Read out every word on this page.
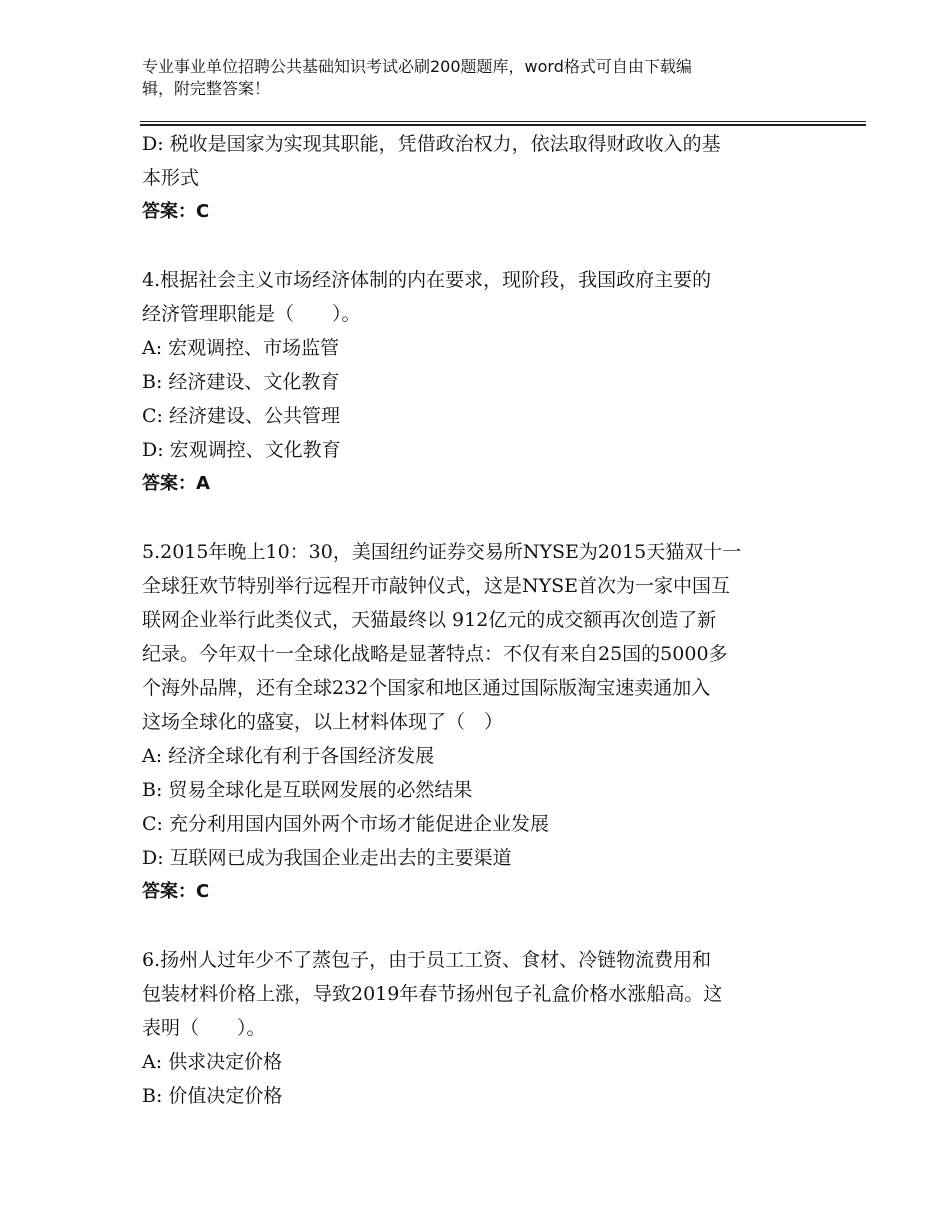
专业事业单位招聘公共基础知识考试必刷200题题库，word格式可自由下载编
辑，附完整答案！
D: 税收是国家为实现其职能，凭借政治权力，依法取得财政收入的基
本形式
答案：C
4.根据社会主义市场经济体制的内在要求，现阶段，我国政府主要的
经济管理职能是（　　）。
A: 宏观调控、市场监管
B: 经济建设、文化教育
C: 经济建设、公共管理
D: 宏观调控、文化教育
答案：A
5.2015年晚上10：30，美国纽约证券交易所NYSE为2015天猫双十一
全球狂欢节特别举行远程开市敲钟仪式，这是NYSE首次为一家中国互
联网企业举行此类仪式，天猫最终以 912亿元的成交额再次创造了新
纪录。今年双十一全球化战略是显著特点：不仅有来自25国的5000多
个海外品牌，还有全球232个国家和地区通过国际版淘宝速卖通加入
这场全球化的盛宴，以上材料体现了（　）
A: 经济全球化有利于各国经济发展
B: 贸易全球化是互联网发展的必然结果
C: 充分利用国内国外两个市场才能促进企业发展
D: 互联网已成为我国企业走出去的主要渠道
答案：C
6.扬州人过年少不了蒸包子，由于员工工资、食材、冷链物流费用和
包装材料价格上涨，导致2019年春节扬州包子礼盒价格水涨船高。这
表明（　　）。
A: 供求决定价格
B: 价值决定价格
